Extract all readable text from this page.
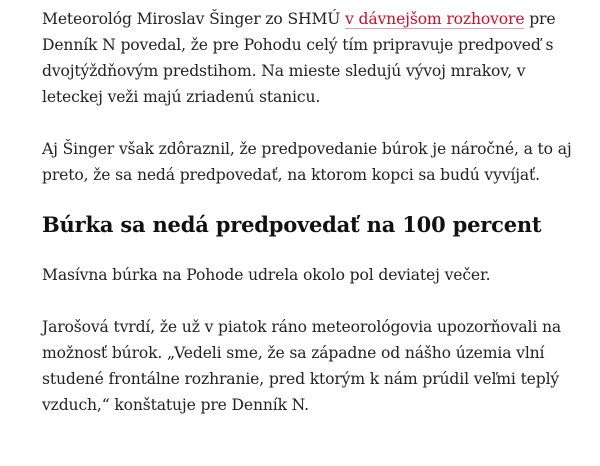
Meteorológ Miroslav Šinger zo SHMÚ v dávnejšom rozhovore pre Denník N povedal, že pre Pohodu celý tím pripravuje predpoveď s dvojtýždňovým predstihom. Na mieste sledujú vývoj mrakov, v leteckej veži majú zriadenú stanicu.

Aj Šinger však zdôraznil, že predpovedanie búrok je náročné, a to aj preto, že sa nedá predpovedať, na ktorom kopci sa budú vyvíjať.

Búrka sa nedá predpovedať na 100 percent

Masívna búrka na Pohode udrela okolo pol deviatej večer.

Jarošová tvrdí, že už v piatok ráno meteorológovia upozorňovali na možnosť búrok. „Vedeli sme, že sa západne od nášho územia vlní studené frontálne rozhranie, pred ktorým k nám prúdil veľmi teplý vzduch,“ konštatuje pre Denník N.
